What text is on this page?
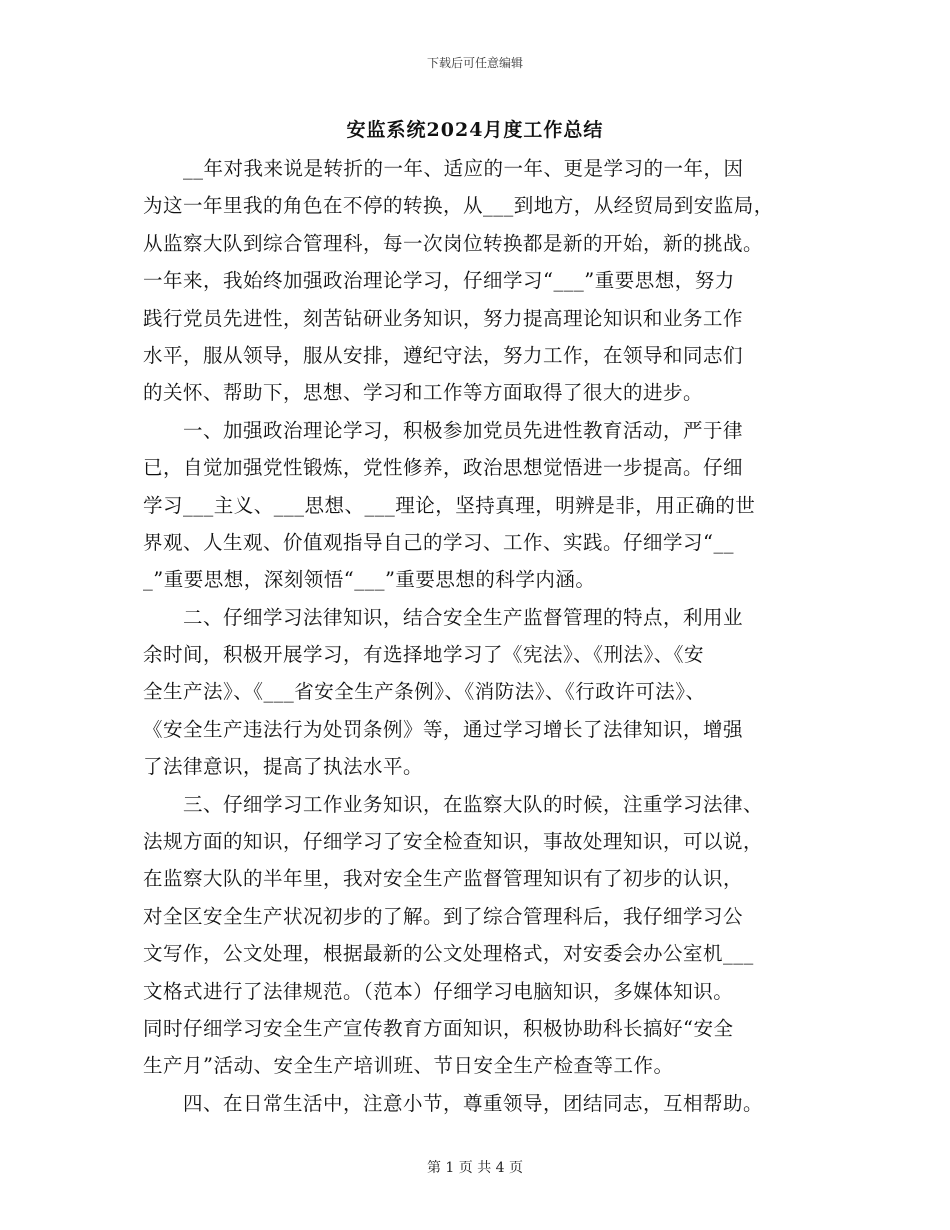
下载后可任意编辑
安监系统2024月度工作总结
　　__年对我来说是转折的一年、适应的一年、更是学习的一年，因
为这一年里我的角色在不停的转换，从___到地方，从经贸局到安监局，
从监察大队到综合管理科，每一次岗位转换都是新的开始，新的挑战。
一年来，我始终加强政治理论学习，仔细学习“___”重要思想，努力
践行党员先进性，刻苦钻研业务知识，努力提高理论知识和业务工作
水平，服从领导，服从安排，遵纪守法，努力工作，在领导和同志们
的关怀、帮助下，思想、学习和工作等方面取得了很大的进步。
　　一、加强政治理论学习，积极参加党员先进性教育活动，严于律
已，自觉加强党性锻炼，党性修养，政治思想觉悟进一步提高。仔细
学习___主义、___思想、___理论，坚持真理，明辨是非，用正确的世
界观、人生观、价值观指导自己的学习、工作、实践。仔细学习“__
_”重要思想，深刻领悟“___”重要思想的科学内涵。
　　二、仔细学习法律知识，结合安全生产监督管理的特点，利用业
余时间，积极开展学习，有选择地学习了《宪法》、《刑法》、《安
全生产法》、《___省安全生产条例》、《消防法》、《行政许可法》、
《安全生产违法行为处罚条例》等，通过学习增长了法律知识，增强
了法律意识，提高了执法水平。
　　三、仔细学习工作业务知识，在监察大队的时候，注重学习法律、
法规方面的知识，仔细学习了安全检查知识，事故处理知识，可以说，
在监察大队的半年里，我对安全生产监督管理知识有了初步的认识，
对全区安全生产状况初步的了解。到了综合管理科后，我仔细学习公
文写作，公文处理，根据最新的公文处理格式，对安委会办公室机___
文格式进行了法律规范。（范本）仔细学习电脑知识，多媒体知识。
同时仔细学习安全生产宣传教育方面知识，积极协助科长搞好“安全
生产月”活动、安全生产培训班、节日安全生产检查等工作。
　　四、在日常生活中，注意小节，尊重领导，团结同志，互相帮助。
第 1 页 共 4 页
